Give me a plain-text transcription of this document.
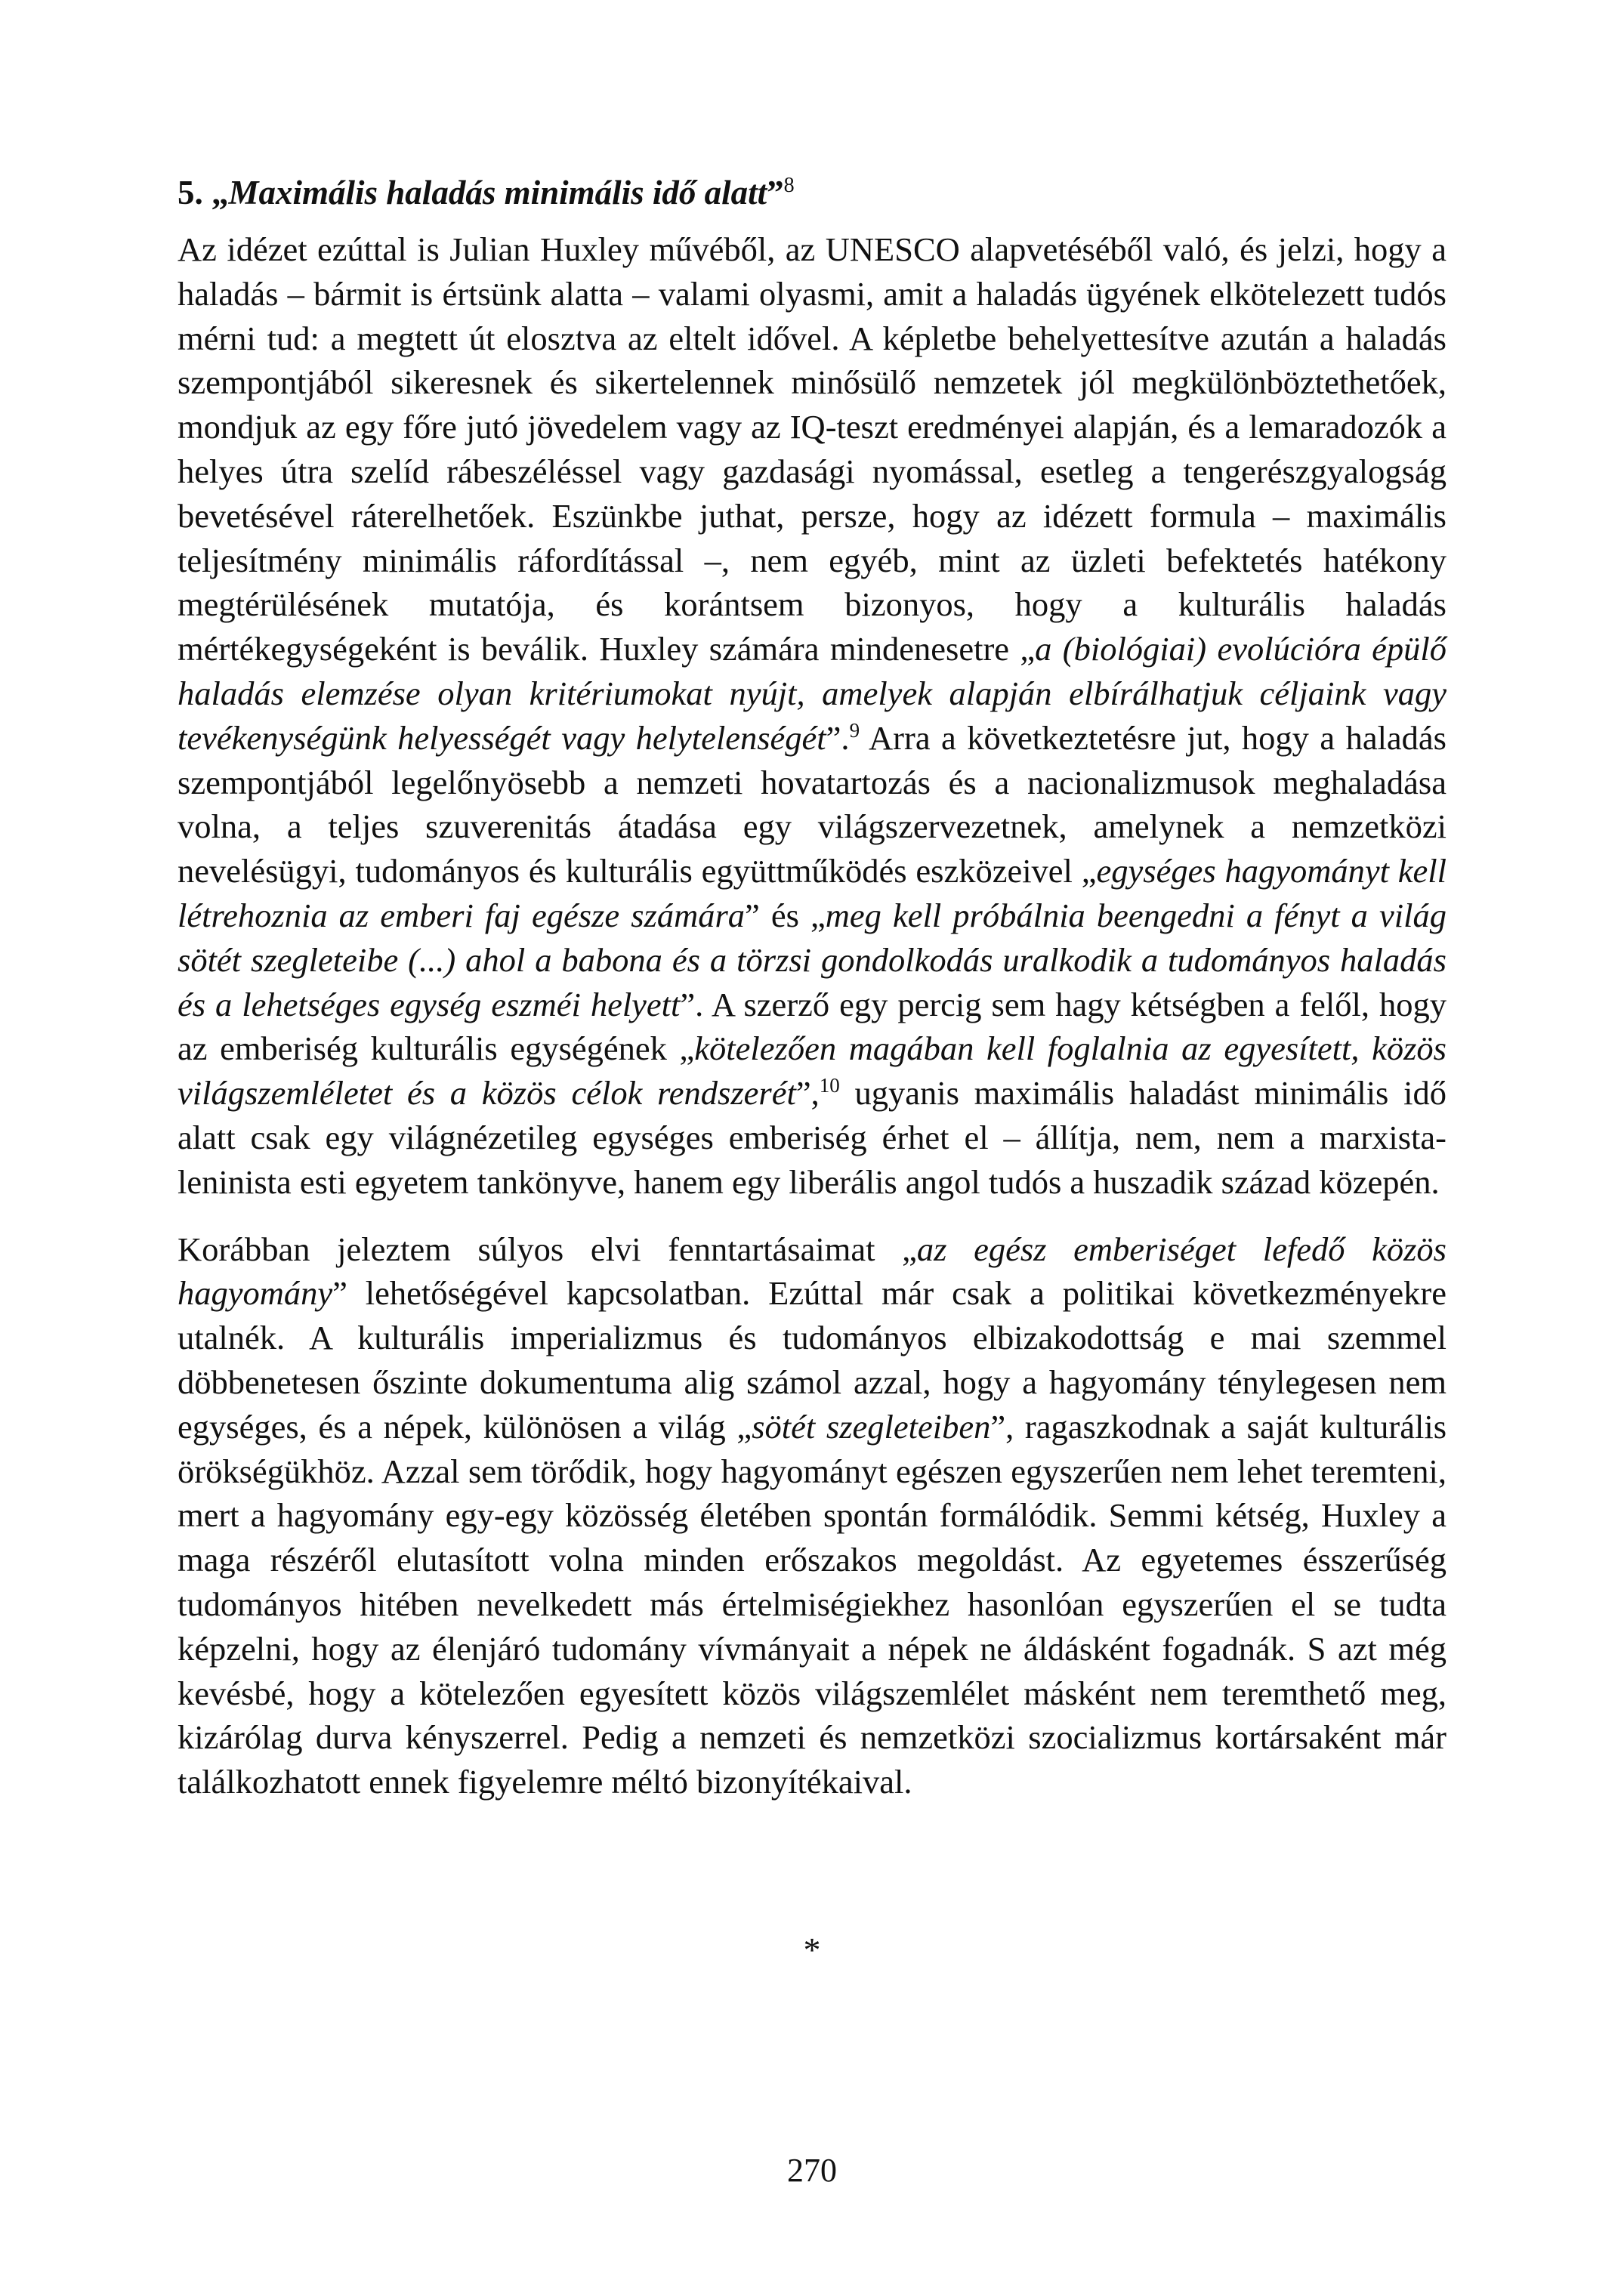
5. „Maximális haladás minimális idő alatt”$^8$

Az idézet ezúttal is Julian Huxley művéből, az UNESCO alapvetéséből való, és jelzi, hogy a haladás – bármit is értsünk alatta – valami olyasmi, amit a haladás ügyének elkötelezett tudós mérni tud: a megtett út elosztva az eltelt idővel. A képletbe behelyettesítve azután a haladás szempontjából sikeresnek és sikertelennek minősülő nemzetek jól megkülönböztethetőek, mondjuk az egy főre jutó jövedelem vagy az IQ-teszt eredményei alapján, és a lemaradozók a helyes útra szelíd rábeszéléssel vagy gazdasági nyomással, esetleg a tengerészgyalogság bevetésével ráterelhetőek. Eszünkbe juthat, persze, hogy az idézett formula – maximális teljesítmény minimális ráfordítással –, nem egyéb, mint az üzleti befektetés hatékony megtérülésének mutatója, és korántsem bizonyos, hogy a kulturális haladás mértékegységeként is beválik. Huxley számára mindenesetre „a (biológiai) evolúcióra épülő haladás elemzése olyan kritériumokat nyújt, amelyek alapján elbírálhatjuk céljaink vagy tevékenységünk helyességét vagy helytelenségét”.$^9$ Arra a következtetésre jut, hogy a haladás szempontjából legelőnyösebb a nemzeti hovatartozás és a nacionalizmusok meghaladása volna, a teljes szuverenitás átadása egy világszervezetnek, amelynek a nemzetközi nevelésügyi, tudományos és kulturális együttműködés eszközeivel „egységes hagyományt kell létrehoznia az emberi faj egésze számára” és „meg kell próbálnia beengedni a fényt a világ sötét szegleteibe (...) ahol a babona és a törzsi gondolkodás uralkodik a tudományos haladás és a lehetséges egység eszméi helyett”. A szerző egy percig sem hagy kétségben a felől, hogy az emberiség kulturális egységének „kötelezően magában kell foglalnia az egyesített, közös világszemléletet és a közös célok rendszerét”,$^{10}$ ugyanis maximális haladást minimális idő alatt csak egy világnézetileg egységes emberiség érhet el – állítja, nem, nem a marxista-leninista esti egyetem tankönyve, hanem egy liberális angol tudós a huszadik század közepén.

Korábban jeleztem súlyos elvi fenntartásaimat „az egész emberiséget lefedő közös hagyomány” lehetőségével kapcsolatban. Ezúttal már csak a politikai következményekre utalnék. A kulturális imperializmus és tudományos elbizakodottság e mai szemmel döbbenetesen őszinte dokumentuma alig számol azzal, hogy a hagyomány ténylegesen nem egységes, és a népek, különösen a világ „sötét szegleteiben”, ragaszkodnak a saját kulturális örökségükhöz. Azzal sem törődik, hogy hagyományt egészen egyszerűen nem lehet teremteni, mert a hagyomány egy-egy közösség életében spontán formálódik. Semmi kétség, Huxley a maga részéről elutasított volna minden erőszakos megoldást. Az egyetemes ésszerűség tudományos hitében nevelkedett más értelmiségiekhez hasonlóan egyszerűen el se tudta képzelni, hogy az élenjáró tudomány vívmányait a népek ne áldásként fogadnák. S azt még kevésbé, hogy a kötelezően egyesített közös világszemlélet másként nem teremthető meg, kizárólag durva kényszerrel. Pedig a nemzeti és nemzetközi szocializmus kortársaként már találkozhatott ennek figyelemre méltó bizonyítékaival.

*
270
